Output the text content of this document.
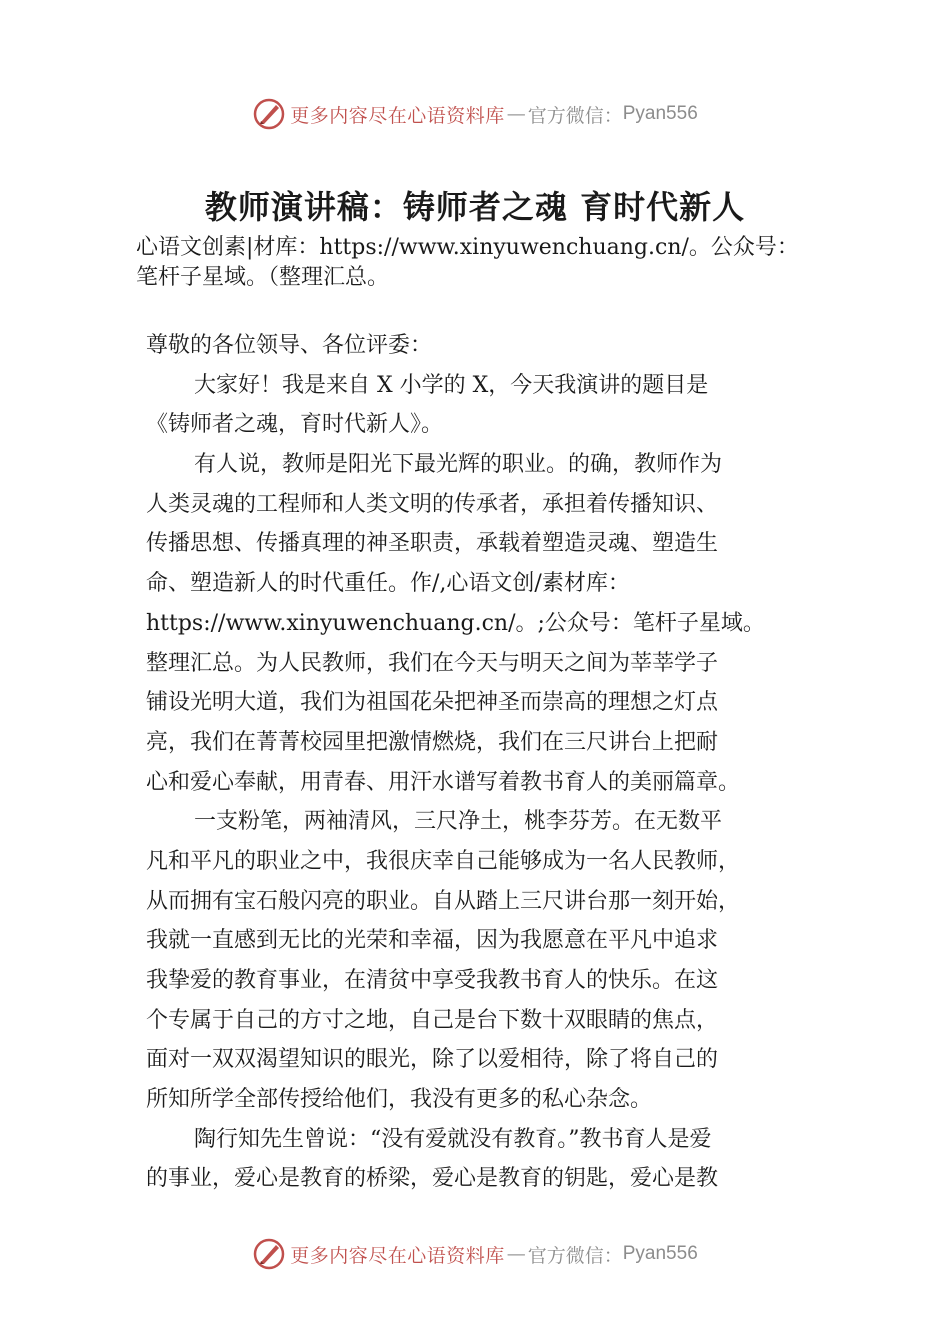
更多内容尽在心语资料库 — 官方微信： Pyan556
教师演讲稿：铸师者之魂 育时代新人
心语文创素|材库：https://www.xinyuwenchuang.cn/。公众号：
笔杆子星域。（整理汇总。
尊敬的各位领导、各位评委：
大家好！我是来自 X 小学的 X，今天我演讲的题目是
《铸师者之魂，育时代新人》。
有人说，教师是阳光下最光辉的职业。的确，教师作为
人类灵魂的工程师和人类文明的传承者，承担着传播知识、
传播思想、传播真理的神圣职责，承载着塑造灵魂、塑造生
命、塑造新人的时代重任。作/,心语文创/素材库：
https://www.xinyuwenchuang.cn/。;公众号：笔杆子星域。
整理汇总。为人民教师，我们在今天与明天之间为莘莘学子
铺设光明大道，我们为祖国花朵把神圣而崇高的理想之灯点
亮，我们在菁菁校园里把激情燃烧，我们在三尺讲台上把耐
心和爱心奉献，用青春、用汗水谱写着教书育人的美丽篇章。
一支粉笔，两袖清风，三尺净土，桃李芬芳。在无数平
凡和平凡的职业之中，我很庆幸自己能够成为一名人民教师，
从而拥有宝石般闪亮的职业。自从踏上三尺讲台那一刻开始，
我就一直感到无比的光荣和幸福，因为我愿意在平凡中追求
我挚爱的教育事业，在清贫中享受我教书育人的快乐。在这
个专属于自己的方寸之地，自己是台下数十双眼睛的焦点，
面对一双双渴望知识的眼光，除了以爱相待，除了将自己的
所知所学全部传授给他们，我没有更多的私心杂念。
陶行知先生曾说：“没有爱就没有教育。”教书育人是爱
的事业，爱心是教育的桥梁，爱心是教育的钥匙，爱心是教
更多内容尽在心语资料库 — 官方微信： Pyan556
